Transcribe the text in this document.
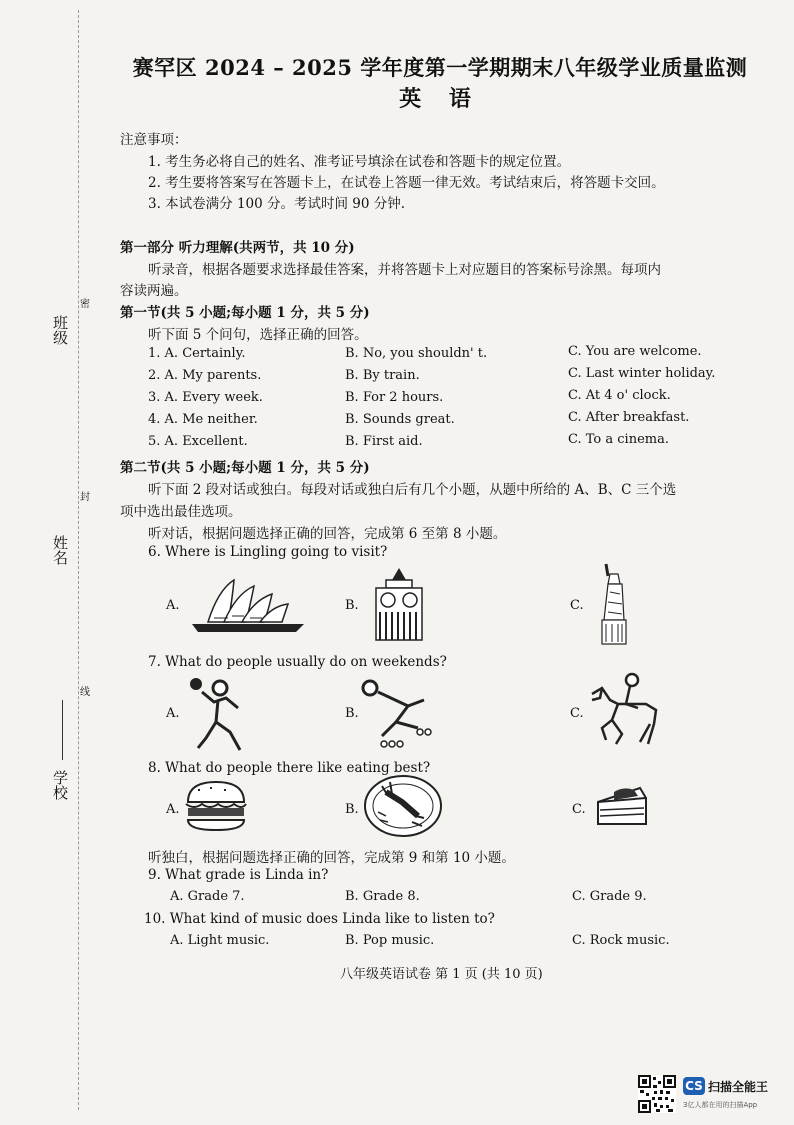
班级
姓名
学校
密
封
线
赛罕区 2024 – 2025 学年度第一学期期末八年级学业质量监测
英 语
注意事项：
1. 考生务必将自己的姓名、准考证号填涂在试卷和答题卡的规定位置。
2. 考生要将答案写在答题卡上，在试卷上答题一律无效。考试结束后，将答题卡交回。
3. 本试卷满分 100 分。考试时间 90 分钟.
第一部分 听力理解(共两节，共 10 分)
听录音，根据各题要求选择最佳答案，并将答题卡上对应题目的答案标号涂黑。每项内
容读两遍。
第一节(共 5 小题;每小题 1 分，共 5 分)
听下面 5 个问句，选择正确的回答。
1. A. Certainly.	B. No, you shouldn' t.	C. You are welcome.
2. A. My parents.	B. By train.	C. Last winter holiday.
3. A. Every week.	B. For 2 hours.	C. At 4 o' clock.
4. A. Me neither.	B. Sounds great.	C. After breakfast.
5. A. Excellent.	B. First aid.	C. To a cinema.
第二节(共 5 小题;每小题 1 分，共 5 分)
听下面 2 段对话或独白。每段对话或独白后有几个小题，从题中所给的 A、B、C 三个选
项中选出最佳选项。
听对话，根据问题选择正确的回答，完成第 6 至第 8 小题。
6. Where is Lingling going to visit?
A.	B.	C.
7. What do people usually do on weekends?
A.	B.	C.
8. What do people there like eating best?
A.	B.	C.
听独白，根据问题选择正确的回答，完成第 9 和第 10 小题。
9. What grade is Linda in?
A. Grade 7.	B. Grade 8.	C. Grade 9.
10. What kind of music does Linda like to listen to?
A. Light music.	B. Pop music.	C. Rock music.
八年级英语试卷 第 1 页 (共 10 页)
CS 扫描全能王
3亿人都在用的扫描App
